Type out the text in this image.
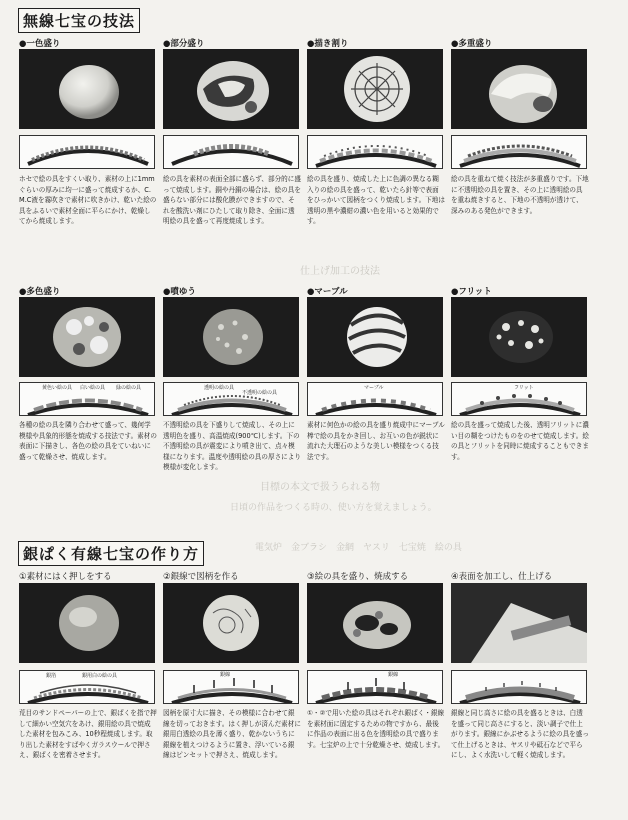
仕上げ加工の技法
目標の本文で扱うられる物
日頃の作品をつくる時の、使い方を覚えましょう。
電気炉　金ブラシ　金網　ヤスリ　七宝焼　絵の具
無線七宝の技法
●一色盛り	●部分盛り	●描き割り	●多重盛り
ホセで絵の具をすくい取り、素材の上に1mmぐらいの厚みに均一に盛って焼成するか、C.M.C液を霧吹きで素材に吹きかけ、乾いた絵の具をふるいで素材全面に平らにかけ、乾燥してから焼成します。
絵の具を素材の表面全部に盛らず、部分的に盛って焼成します。銅や丹銅の場合は、絵の具を盛らない部分には酸化膜ができますので、それを酸洗い剤にひたして取り除き、全面に透明絵の具を盛って再度焼成します。
絵の具を盛り、焼成した上に色調の異なる糊入りの絵の具を盛って、乾いたら針等で表面をひっかいて図柄をつくり焼成します。下地は透明の黒や濃紺の濃い色を用いると効果的です。
絵の具を重ねて焼く技法が多重盛りです。下地に不透明絵の具を置き、その上に透明絵の具を重ね焼きすると、下地の不透明が透けて、深みのある発色ができます。
●多色盛り	●噴ゆう	●マーブル	●フリット
黄色い絵の具 白い絵の具 緑の絵の具	透明の絵の具
不透明の絵の具
マーブル	フリット
各種の絵の具を隣り合わせて盛って、幾何学模様や具象的形態を焼成する技法です。素材の表面に下描きし、各色の絵の具をていねいに盛って乾燥させ、焼成します。
不透明絵の具を下盛りして焼成し、その上に透明色を盛り、高温焼成(900℃)します。下の不透明絵の具が震変により噴き出て、点々模様になります。温度や透明絵の具の厚さにより模様が変化します。
素材に何色かの絵の具を盛り焼成中にマーブル棒で絵の具をかき回し、お互いの色が鋭状に流れた大理石のような美しい模様をつくる技法です。
絵の具を盛って焼成した後、透明フリットに濃い目の糊をつけたものをのせて焼成します。絵の具とフリットを同時に焼成することもできます。
銀ぱく有線七宝の作り方
①素材にはく押しをする	②銀線で図柄を作る	③絵の具を盛り、焼成する	④表面を加工し、仕上げる
銀箔	銀用白の絵の具	銀線	銀線
荒目のサンドペーパーの上で、銀ぱくを指で押して細かい空気穴をあけ、銀用絵の具で焼成した素材を包みこみ、10秒程焼成します。取り出した素材をすばやくガラスウールで押さえ、銀ぱくを密着させます。
図柄を原寸大に描き、その模様に合わせて銀線を切っておきます。はく押しが済んだ素材に銀用白透絵の具を薄く盛り、乾かないうちに銀線を植えつけるように置き、浮いている銀線はピンセットで押さえ、焼成します。
①・②で用いた絵の具はそれぞれ銀ぱく・銀線を素材面に固定するための物ですから、最後に作品の表面に出る色を透明絵の具で盛ります。七宝炉の上で十分乾燥させ、焼成します。
銀線と同じ高さに絵の具を盛るときは、白透を盛って同じ高さにすると、淡い調子で仕上がります。銀線にかぶせるように絵の具を盛って仕上げるときは、ヤスリや砥石などで平らにし、よく水洗いして軽く焼成します。
